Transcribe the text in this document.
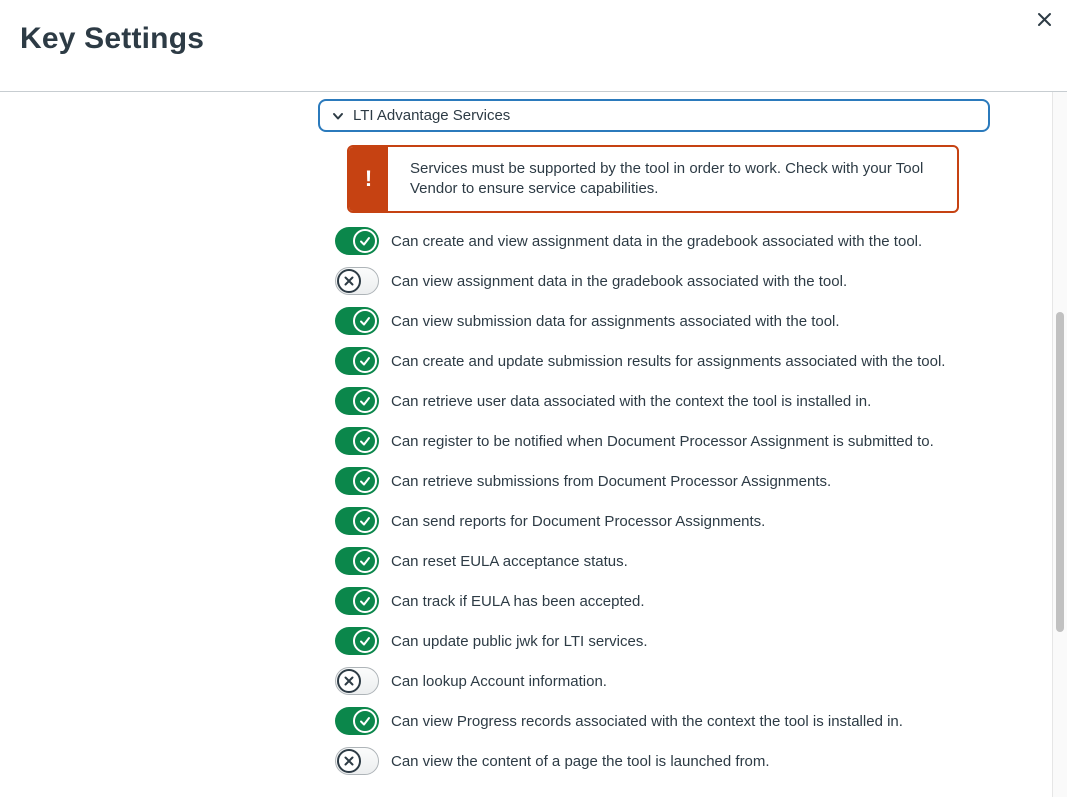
Key Settings
LTI Advantage Services
!	Services must be supported by the tool in order to work. Check with your Tool Vendor to ensure service capabilities.
Can create and view assignment data in the gradebook associated with the tool.
Can view assignment data in the gradebook associated with the tool.
Can view submission data for assignments associated with the tool.
Can create and update submission results for assignments associated with the tool.
Can retrieve user data associated with the context the tool is installed in.
Can register to be notified when Document Processor Assignment is submitted to.
Can retrieve submissions from Document Processor Assignments.
Can send reports for Document Processor Assignments.
Can reset EULA acceptance status.
Can track if EULA has been accepted.
Can update public jwk for LTI services.
Can lookup Account information.
Can view Progress records associated with the context the tool is installed in.
Can view the content of a page the tool is launched from.
